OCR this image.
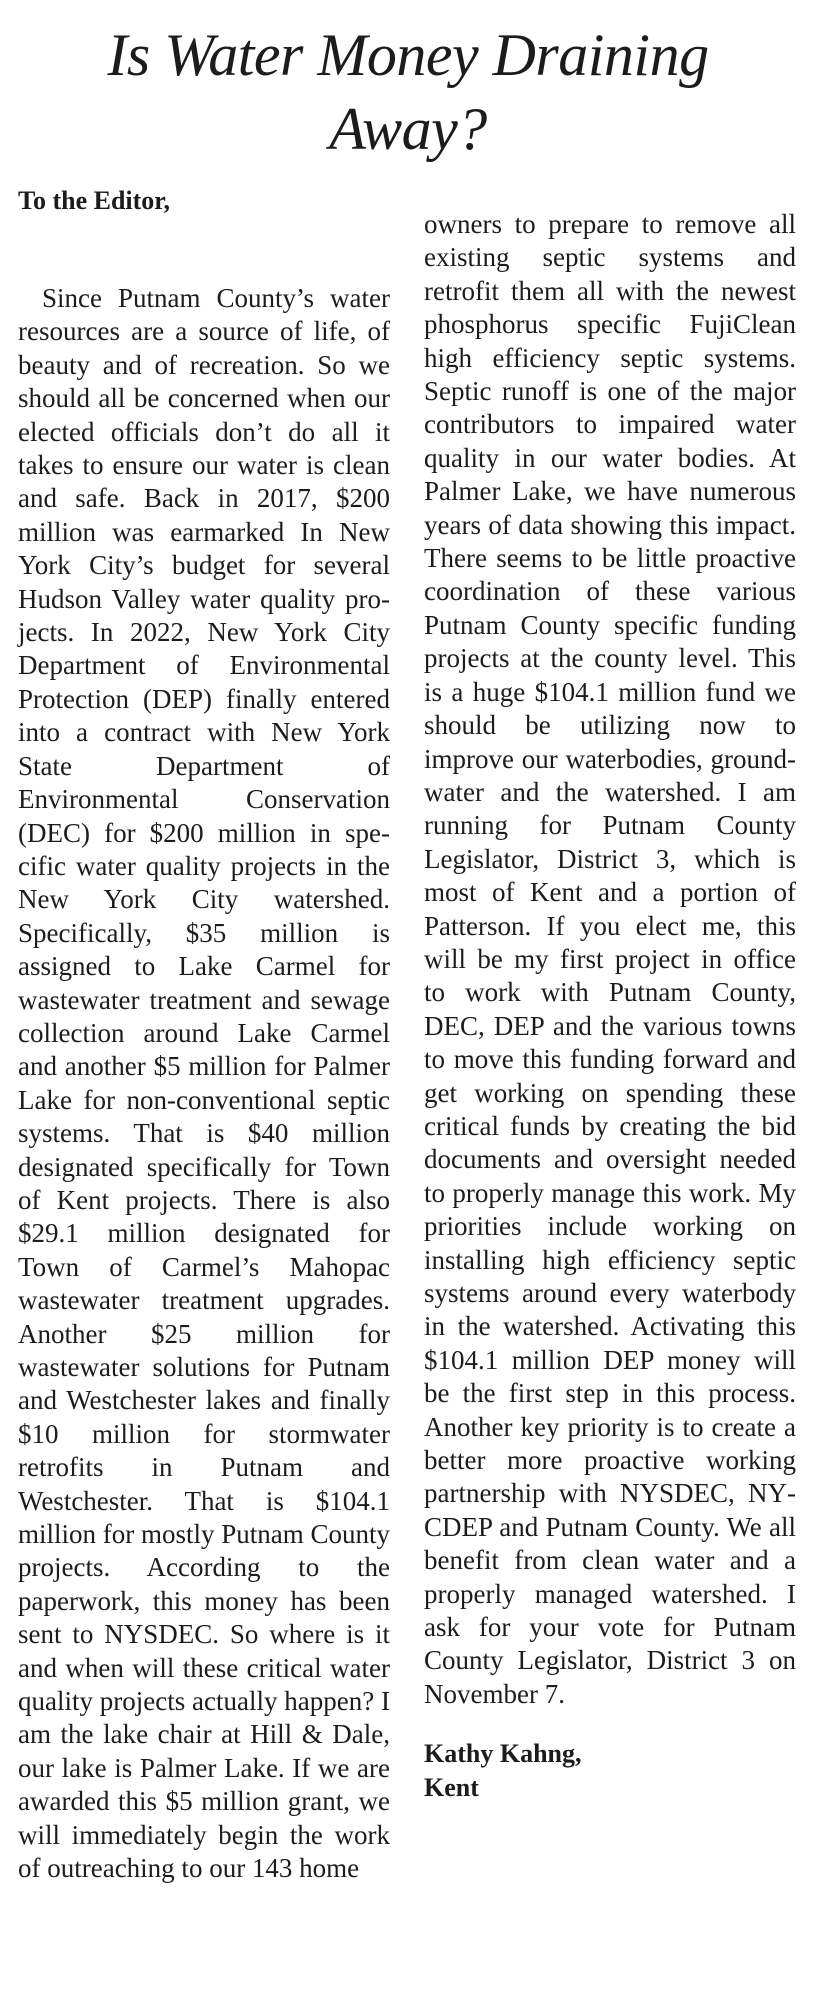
Is Water Money Draining Away?

To the Editor,

Since Putnam County’s water resources are a source of life, of beauty and of recreation. So we should all be concerned when our elected officials don’t do all it takes to ensure our water is clean and safe. Back in 2017, $200 million was earmarked In New York City’s budget for several Hudson Valley water quality projects. In 2022, New York City Department of Environmental Protection (DEP) finally entered into a contract with New York State Department of Environmental Conservation (DEC) for $200 million in specific water quality projects in the New York City watershed. Specifically, $35 million is assigned to Lake Carmel for wastewater treatment and sewage collection around Lake Carmel and another $5 million for Palmer Lake for non-conventional septic systems. That is $40 million designated specifically for Town of Kent projects. There is also $29.1 million designated for Town of Carmel’s Mahopac wastewater treatment upgrades. Another $25 million for wastewater solutions for Putnam and Westchester lakes and finally $10 million for stormwater retrofits in Putnam and Westchester. That is $104.1 million for mostly Putnam County projects. According to the paperwork, this money has been sent to NYSDEC. So where is it and when will these critical water quality projects actually happen? I am the lake chair at Hill & Dale, our lake is Palmer Lake. If we are awarded this $5 million grant, we will immediately begin the work of outreaching to our 143 home

owners to prepare to remove all existing septic systems and retrofit them all with the newest phosphorus specific FujiClean high efficiency septic systems. Septic runoff is one of the major contributors to impaired water quality in our water bodies. At Palmer Lake, we have numerous years of data showing this impact. There seems to be little proactive coordination of these various Putnam County specific funding projects at the county level. This is a huge $104.1 million fund we should be utilizing now to improve our waterbodies, groundwater and the watershed. I am running for Putnam County Legislator, District 3, which is most of Kent and a portion of Patterson. If you elect me, this will be my first project in office to work with Putnam County, DEC, DEP and the various towns to move this funding forward and get working on spending these critical funds by creating the bid documents and oversight needed to properly manage this work. My priorities include working on installing high efficiency septic systems around every waterbody in the watershed. Activating this $104.1 million DEP money will be the first step in this process. Another key priority is to create a better more proactive working partnership with NYSDEC, NYCDEP and Putnam County. We all benefit from clean water and a properly managed watershed. I ask for your vote for Putnam County Legislator, District 3 on November 7.

Kathy Kahng,
Kent
